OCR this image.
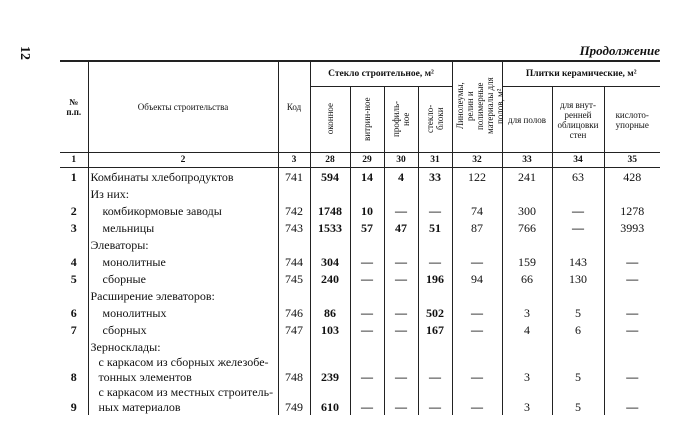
12	Продолжение
№ п.п.	Объекты строительства	Код	Стекло строительное, м²				Линолеумы, релин и полимерные материалы для полов, м²	Плитки керамические, м²		
			оконное	витрин-ное	профиль-ное	стекло-блоки		для полов	для внут-ренней облицовки стен	кислото-упорные
1	2	3	28	29	30	31	32	33	34	35
1	Комбинаты хлебопродуктов	741	594	14	4	33	122	241	63	428
	Из них:									
2	комбикормовые заводы	742	1748	10	—	—	74	300	—	1278
3	мельницы	743	1533	57	47	51	87	766	—	3993
	Элеваторы:									
4	монолитные	744	304	—	—	—	—	159	143	—
5	сборные	745	240	—	—	196	94	66	130	—
	Расширение элеваторов:									
6	монолитных	746	86	—	—	502	—	3	5	—
7	сборных	747	103	—	—	167	—	4	6	—
	Зерносклады:									
8	с каркасом из сборных железобе-тонных элементов	748	239	—	—	—	—	3	5	—
9	с каркасом из местных строитель-ных материалов	749	610	—	—	—	—	3	5	—
